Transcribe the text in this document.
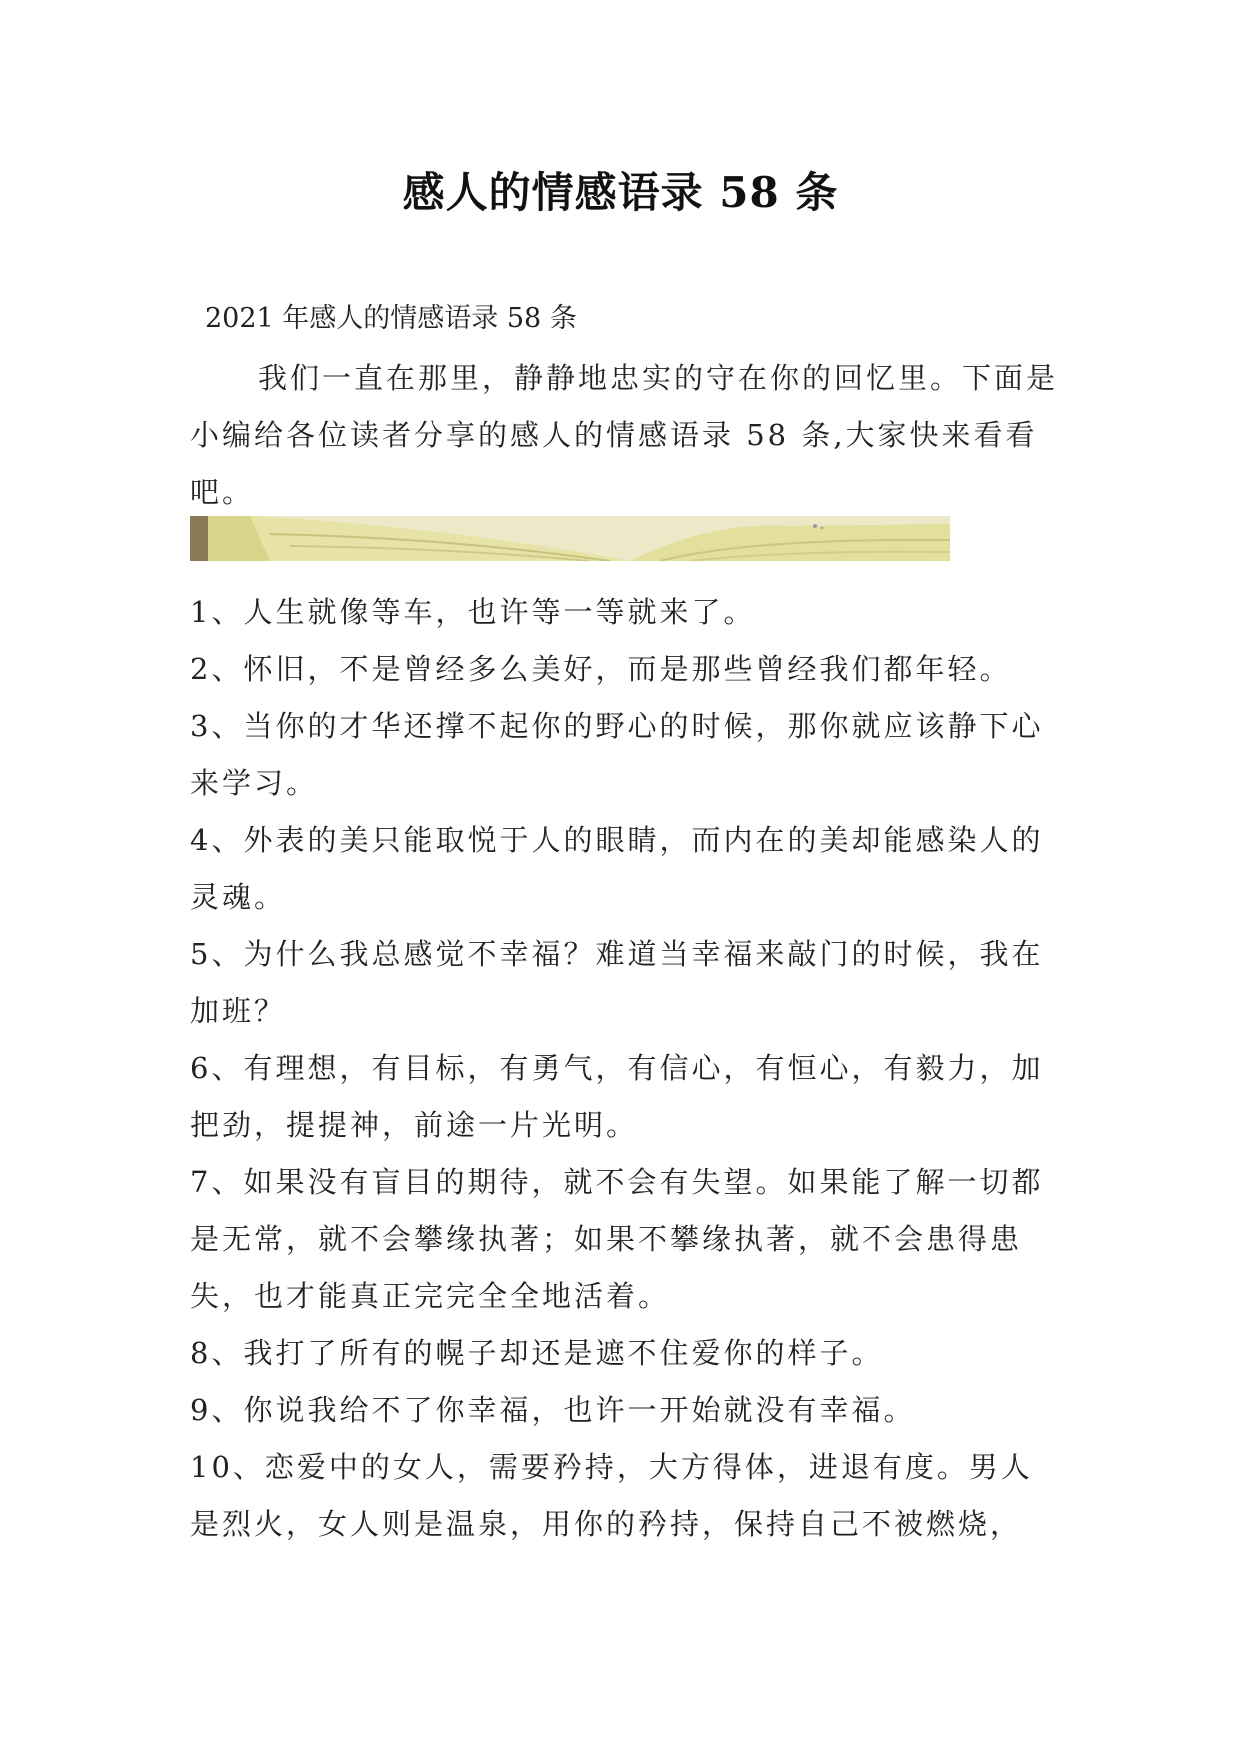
感人的情感语录 58 条
2021 年感人的情感语录 58 条
我们一直在那里，静静地忠实的守在你的回忆里。下面是小编给各位读者分享的感人的情感语录 58 条,大家快来看看吧。

1、人生就像等车，也许等一等就来了。

2、怀旧，不是曾经多么美好，而是那些曾经我们都年轻。

3、当你的才华还撑不起你的野心的时候，那你就应该静下心来学习。

4、外表的美只能取悦于人的眼睛，而内在的美却能感染人的灵魂。

5、为什么我总感觉不幸福？难道当幸福来敲门的时候，我在加班？

6、有理想，有目标，有勇气，有信心，有恒心，有毅力，加把劲，提提神，前途一片光明。

7、如果没有盲目的期待，就不会有失望。如果能了解一切都是无常，就不会攀缘执著；如果不攀缘执著，就不会患得患失，也才能真正完完全全地活着。

8、我打了所有的幌子却还是遮不住爱你的样子。

9、你说我给不了你幸福，也许一开始就没有幸福。

10、恋爱中的女人，需要矜持，大方得体，进退有度。男人是烈火，女人则是温泉，用你的矜持，保持自己不被燃烧，
